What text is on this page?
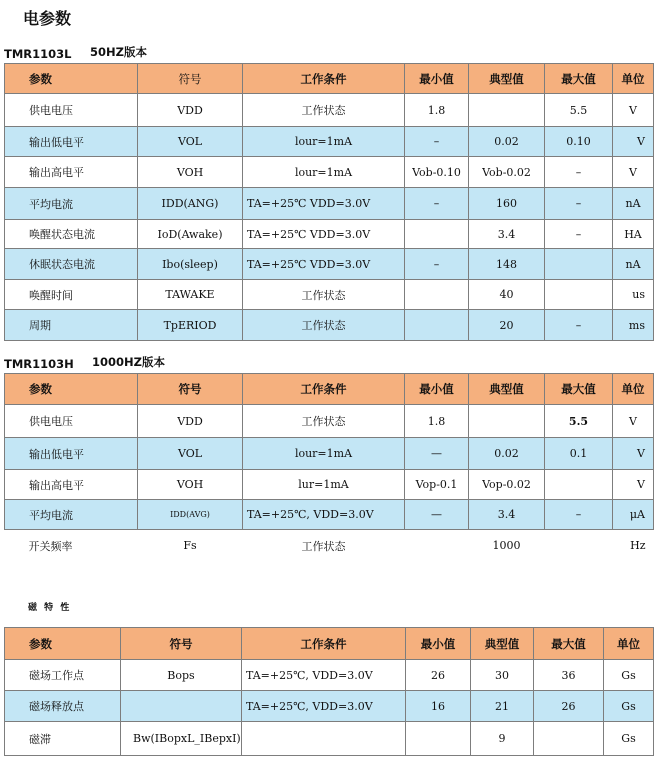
电参数
TMR1103L 50HZ版本
参数	符号	工作条件	最小值	典型值	最大值	单位
供电电压	VDD	工作状态	1.8		5.5	V
输出低电平	VOL	lour=1mA	–	0.02	0.10	V
输出高电平	VOH	lour=1mA	Vob-0.10	Vob-0.02	–	V
平均电流	IDD(ANG)	TA=+25℃ VDD=3.0V	–	160	–	nA
唤醒状态电流	IoD(Awake)	TA=+25℃ VDD=3.0V		3.4	–	HA
休眠状态电流	Ibo(sleep)	TA=+25℃ VDD=3.0V	–	148		nA
唤醒时间	TAWAKE	工作状态		40		us
周期	TpERIOD	工作状态		20	–	ms
TMR1103H 1000HZ版本
参数	符号	工作条件	最小值	典型值	最大值	单位
供电电压	VDD	工作状态	1.8		5.5	V
输出低电平	VOL	lour=1mA	—	0.02	0.1	V
输出高电平	VOH	lur=1mA	Vop-0.1	Vop-0.02		V
平均电流	IDD(AVG)	TA=+25℃, VDD=3.0V	—	3.4	–	μA
开关频率	Fs	工作状态		1000		Hz
磁 特 性
参数	符号	工作条件	最小值	典型值	最大值	单位
磁场工作点	Bops	TA=+25℃, VDD=3.0V	26	30	36	Gs
磁场释放点		TA=+25℃, VDD=3.0V	16	21	26	Gs
磁滞	Bw(IBopxL_IBepxI)			9		Gs
